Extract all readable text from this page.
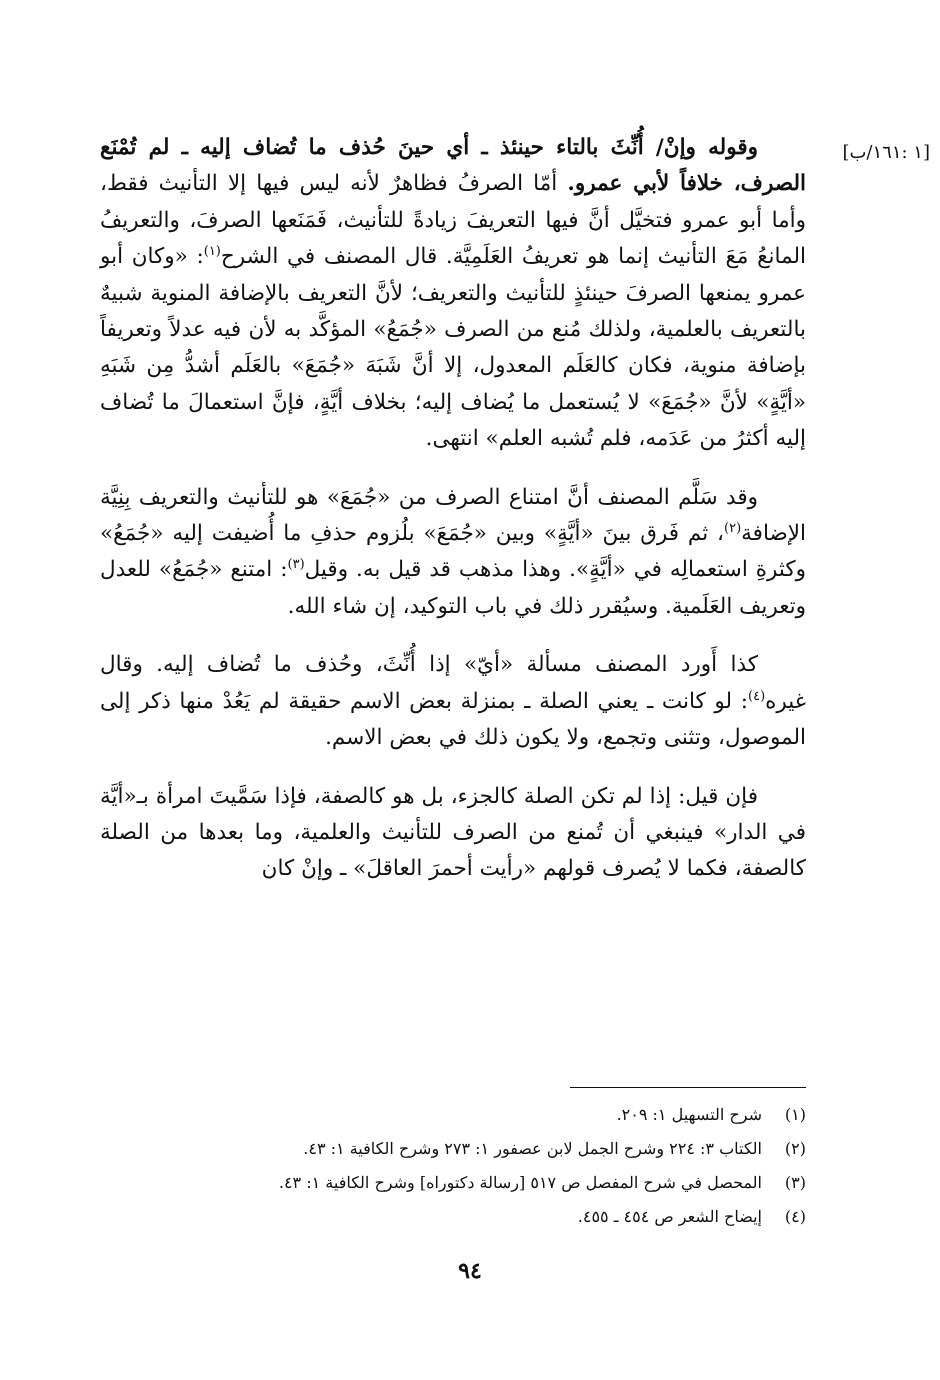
[١ :١٦١/ب]

وقوله وإنْ/ أُنِّثَ بالتاء حينئذ ـ أي حينَ حُذف ما تُضاف إليه ـ لم تُمْنَع الصرف، خلافاً لأبي عمرو. أمّا الصرفُ فظاهرٌ لأنه ليس فيها إلا التأنيث فقط، وأما أبو عمرو فتخيَّل أنَّ فيها التعريفَ زيادةً للتأنيث، فَمَنَعها الصرفَ، والتعريفُ المانعُ مَعَ التأنيث إنما هو تعريفُ العَلَمِيَّة. قال المصنف في الشرح$^{(١)}$: «وكان أبو عمرو يمنعها الصرفَ حينئذٍ للتأنيث والتعريف؛ لأنَّ التعريف بالإضافة المنوية شبيهٌ بالتعريف بالعلمية، ولذلك مُنع من الصرف «جُمَعُ» المؤكَّد به لأن فيه عدلاً وتعريفاً بإضافة منوية، فكان كالعَلَم المعدول، إلا أنَّ شَبَهَ «جُمَعَ» بالعَلَم أشدُّ مِن شَبَهِ «أيَّةٍ» لأنَّ «جُمَعَ» لا يُستعمل ما يُضاف إليه؛ بخلاف أيَّةٍ، فإنَّ استعمالَ ما تُضاف إليه أكثرُ من عَدَمه، فلم تُشبه العلم» انتهى.

وقد سَلَّم المصنف أنَّ امتناع الصرف من «جُمَعَ» هو للتأنيث والتعريف بِنِيَّة الإضافة$^{(٢)}$، ثم فَرق بينَ «أيَّةٍ» وبين «جُمَعَ» بلُزوم حذفِ ما أُضيفت إليه «جُمَعُ» وكثرةِ استعمالِه في «أيَّةٍ». وهذا مذهب قد قيل به. وقيل$^{(٣)}$: امتنع «جُمَعُ» للعدل وتعريف العَلَمية. وسيُقرر ذلك في باب التوكيد، إن شاء الله.

كذا أَورد المصنف مسألة «أيّ» إذا أُنِّثَ، وحُذف ما تُضاف إليه. وقال غيره$^{(٤)}$: لو كانت ـ يعني الصلة ـ بمنزلة بعض الاسم حقيقة لم يَعُدْ منها ذكر إلى الموصول، وتثنى وتجمع، ولا يكون ذلك في بعض الاسم.

فإن قيل: إذا لم تكن الصلة كالجزء، بل هو كالصفة، فإذا سَمَّيتَ امرأة بـ«أيَّة في الدار» فينبغي أن تُمنع من الصرف للتأنيث والعلمية، وما بعدها من الصلة كالصفة، فكما لا يُصرف قولهم «رأيت أحمرَ العاقلَ» ـ وإنْ كان

(١)
شرح التسهيل ١: ٢٠٩.
(٢)
الكتاب ٣: ٢٢٤ وشرح الجمل لابن عصفور ١: ٢٧٣ وشرح الكافية ١: ٤٣.
(٣)
المحصل في شرح المفصل ص ٥١٧ [رسالة دكتوراه] وشرح الكافية ١: ٤٣.
(٤)
إيضاح الشعر ص ٤٥٤ ـ ٤٥٥.
٩٤
